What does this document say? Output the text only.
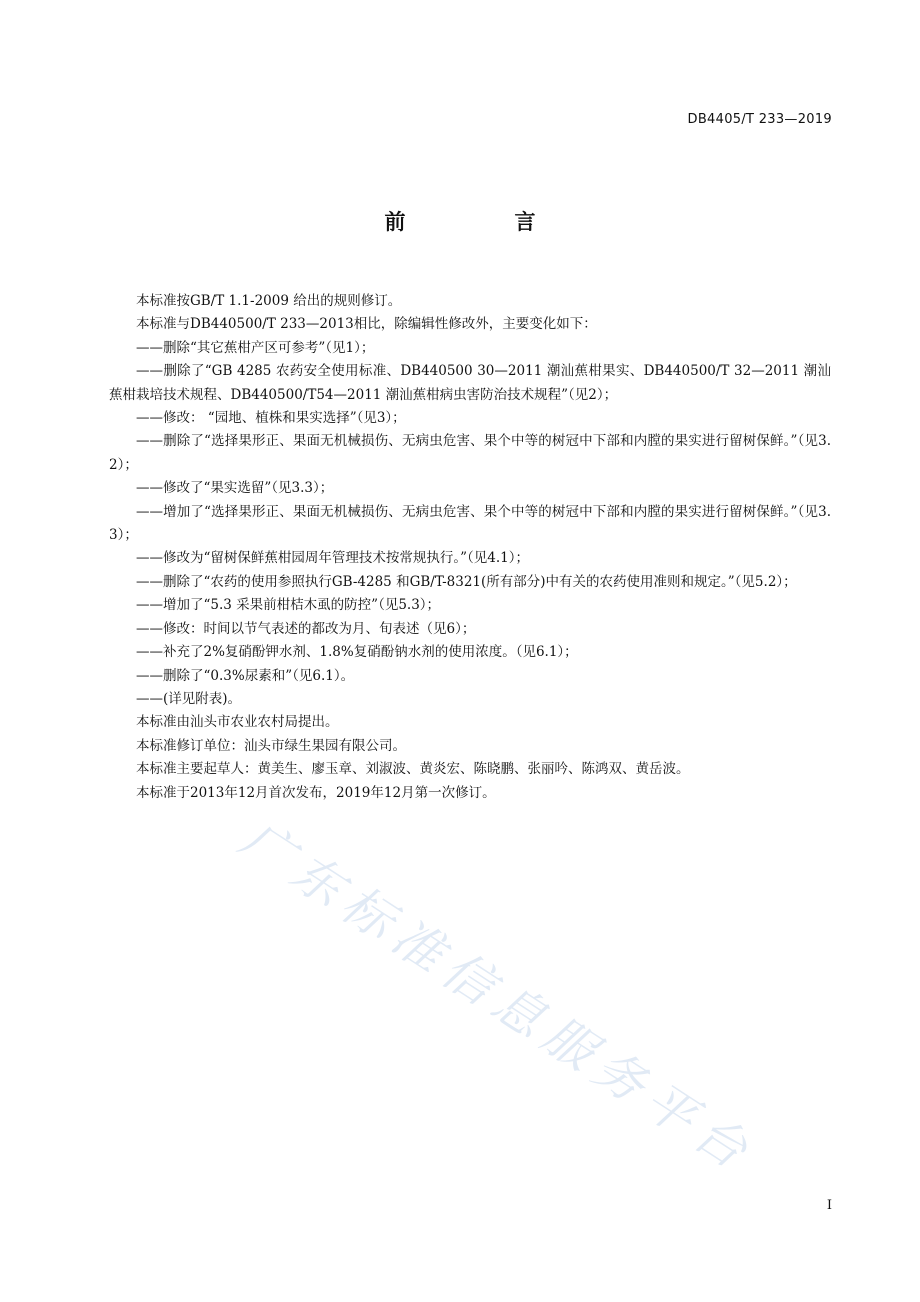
DB4405/T 233—2019
前　言

本标准按GB/T 1.1-2009 给出的规则修订。

本标准与DB440500/T 233—2013相比，除编辑性修改外，主要变化如下：

——删除“其它蕉柑产区可参考”（见1）；

——删除了“GB 4285 农药安全使用标准、DB440500 30—2011 潮汕蕉柑果实、DB440500/T 32—2011 潮汕蕉柑栽培技术规程、DB440500/T54—2011 潮汕蕉柑病虫害防治技术规程”（见2）；

——修改： “园地、植株和果实选择”（见3）；

——删除了“选择果形正、果面无机械损伤、无病虫危害、果个中等的树冠中下部和内膛的果实进行留树保鲜。”（见3.2）；

——修改了“果实选留”（见3.3）；

——增加了“选择果形正、果面无机械损伤、无病虫危害、果个中等的树冠中下部和内膛的果实进行留树保鲜。”（见3.3）；

——修改为“留树保鲜蕉柑园周年管理技术按常规执行。”（见4.1）；

——删除了“农药的使用参照执行GB-4285 和GB/T-8321(所有部分)中有关的农药使用准则和规定。”（见5.2）；

——增加了“5.3 采果前柑桔木虱的防控”（见5.3）；

——修改：时间以节气表述的都改为月、旬表述（见6）；

——补充了2%复硝酚钾水剂、1.8%复硝酚钠水剂的使用浓度。（见6.1）；

——删除了“0.3%尿素和”（见6.1）。

——(详见附表)。

本标准由汕头市农业农村局提出。

本标准修订单位：汕头市绿生果园有限公司。

本标准主要起草人：黄美生、廖玉章、刘淑波、黄炎宏、陈晓鹏、张丽吟、陈鸿双、黄岳波。

本标准于2013年12月首次发布，2019年12月第一次修订。

广东标准信息服务平台
I
